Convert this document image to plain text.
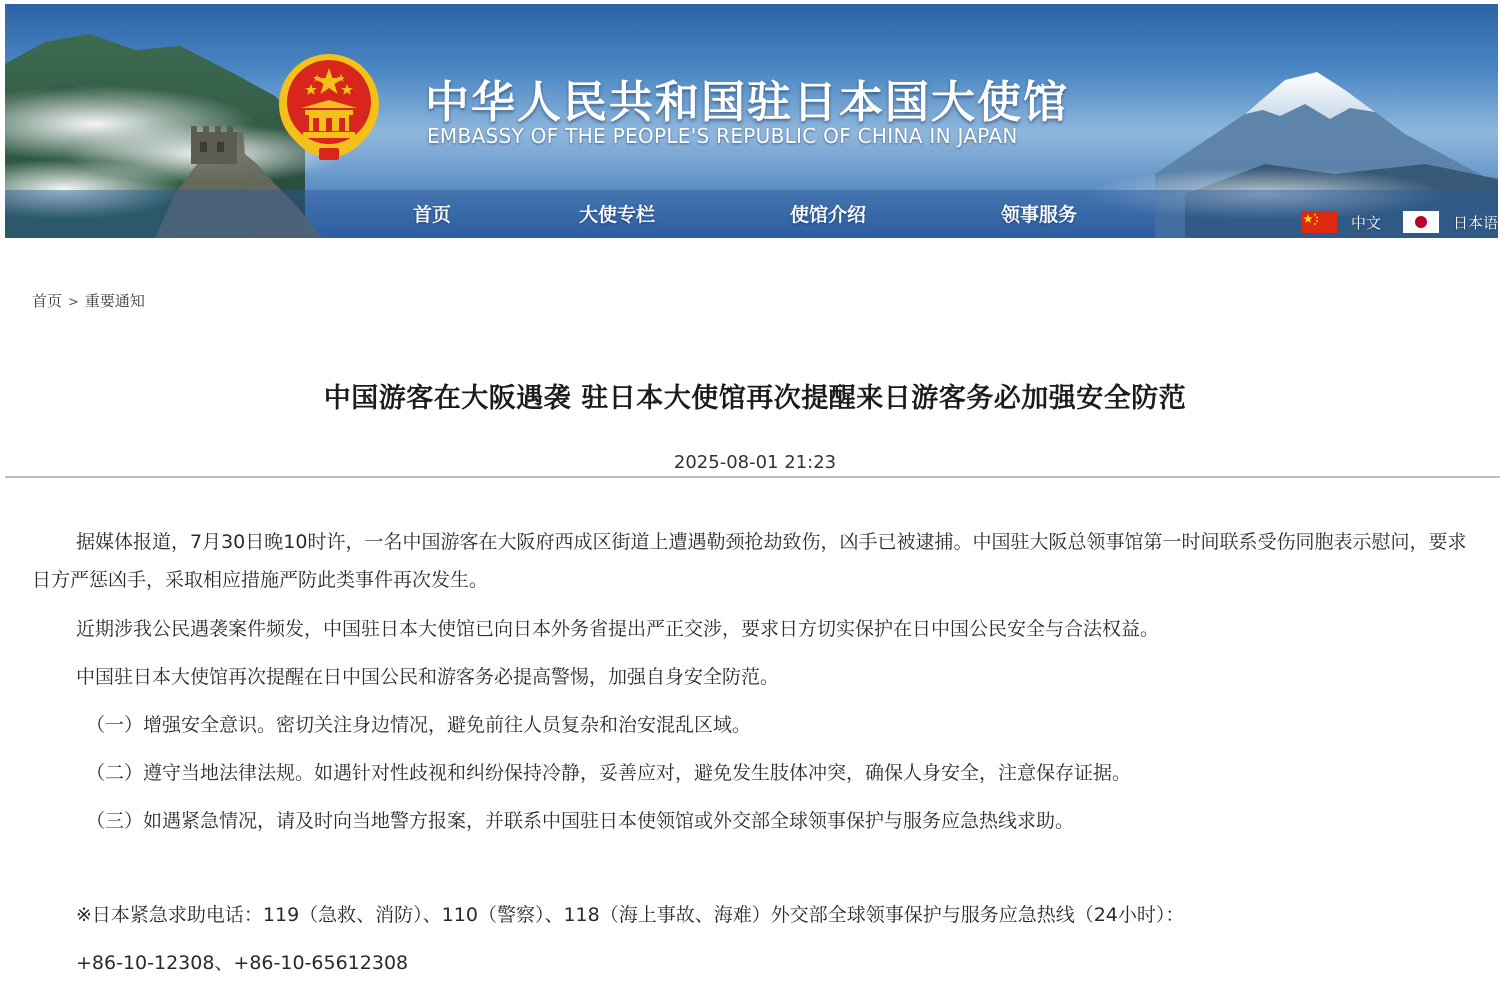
中华人民共和国驻日本国大使馆
EMBASSY OF THE PEOPLE'S REPUBLIC OF CHINA IN JAPAN
首页	大使专栏	使馆介绍	领事服务	中文	日本语
首页 > 重要通知
中国游客在大阪遇袭 驻日本大使馆再次提醒来日游客务必加强安全防范
2025-08-01 21:23

据媒体报道，7月30日晚10时许，一名中国游客在大阪府西成区街道上遭遇勒颈抢劫致伤，凶手已被逮捕。中国驻大阪总领事馆第一时间联系受伤同胞表示慰问，要求日方严惩凶手，采取相应措施严防此类事件再次发生。

近期涉我公民遇袭案件频发，中国驻日本大使馆已向日本外务省提出严正交涉，要求日方切实保护在日中国公民安全与合法权益。

中国驻日本大使馆再次提醒在日中国公民和游客务必提高警惕，加强自身安全防范。

（一）增强安全意识。密切关注身边情况，避免前往人员复杂和治安混乱区域。

（二）遵守当地法律法规。如遇针对性歧视和纠纷保持冷静，妥善应对，避免发生肢体冲突，确保人身安全，注意保存证据。

（三）如遇紧急情况，请及时向当地警方报案，并联系中国驻日本使领馆或外交部全球领事保护与服务应急热线求助。

※日本紧急求助电话：119（急救、消防）、110（警察）、118（海上事故、海难）外交部全球领事保护与服务应急热线（24小时）：

+86-10-12308、+86-10-65612308
